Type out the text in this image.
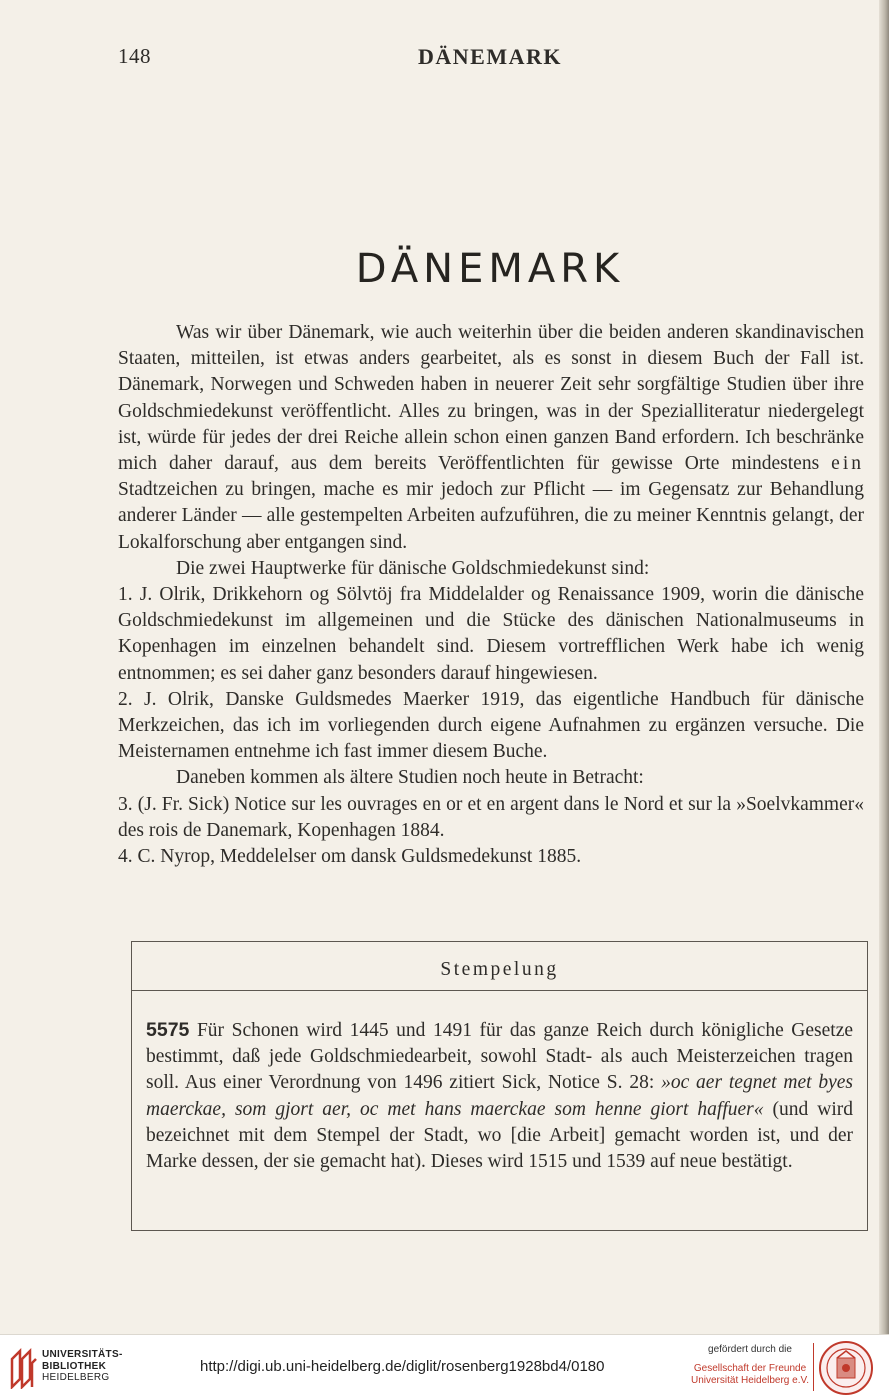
148	DÄNEMARK
DÄNEMARK

Was wir über Dänemark, wie auch weiterhin über die beiden anderen skandinavischen Staaten, mitteilen, ist etwas anders gearbeitet, als es sonst in diesem Buch der Fall ist. Dänemark, Norwegen und Schweden haben in neuerer Zeit sehr sorgfältige Studien über ihre Goldschmiedekunst veröffentlicht. Alles zu bringen, was in der Spezialliteratur niedergelegt ist, würde für jedes der drei Reiche allein schon einen ganzen Band erfordern. Ich beschränke mich daher darauf, aus dem bereits Veröffentlichten für gewisse Orte mindestens ein Stadtzeichen zu bringen, mache es mir jedoch zur Pflicht — im Gegensatz zur Behandlung anderer Länder — alle gestempelten Arbeiten aufzuführen, die zu meiner Kenntnis gelangt, der Lokalforschung aber entgangen sind.

Die zwei Hauptwerke für dänische Goldschmiedekunst sind:

1. J. Olrik, Drikkehorn og Sölvtöj fra Middelalder og Renaissance 1909, worin die dänische Goldschmiedekunst im allgemeinen und die Stücke des dänischen Nationalmuseums in Kopenhagen im einzelnen behandelt sind. Diesem vortrefflichen Werk habe ich wenig entnommen; es sei daher ganz besonders darauf hingewiesen.

2. J. Olrik, Danske Guldsmedes Maerker 1919, das eigentliche Handbuch für dänische Merkzeichen, das ich im vorliegenden durch eigene Aufnahmen zu ergänzen versuche. Die Meisternamen entnehme ich fast immer diesem Buche.

Daneben kommen als ältere Studien noch heute in Betracht:

3. (J. Fr. Sick) Notice sur les ouvrages en or et en argent dans le Nord et sur la »Soelvkammer« des rois de Danemark, Kopenhagen 1884.

4. C. Nyrop, Meddelelser om dansk Guldsmedekunst 1885.

Stempelung
5575 Für Schonen wird 1445 und 1491 für das ganze Reich durch königliche Gesetze bestimmt, daß jede Goldschmiedearbeit, sowohl Stadt- als auch Meisterzeichen tragen soll. Aus einer Verordnung von 1496 zitiert Sick, Notice S. 28: »oc aer tegnet met byes maerckae, som gjort aer, oc met hans maerckae som henne giort haffuer« (und wird bezeichnet mit dem Stempel der Stadt, wo [die Arbeit] gemacht worden ist, und der Marke dessen, der sie gemacht hat). Dieses wird 1515 und 1539 auf neue bestätigt.
UNIVERSITÄTS-
BIBLIOTHEK
HEIDELBERG
http://digi.ub.uni-heidelberg.de/diglit/rosenberg1928bd4/0180
gefördert durch die
Gesellschaft der Freunde
Universität Heidelberg e.V.
